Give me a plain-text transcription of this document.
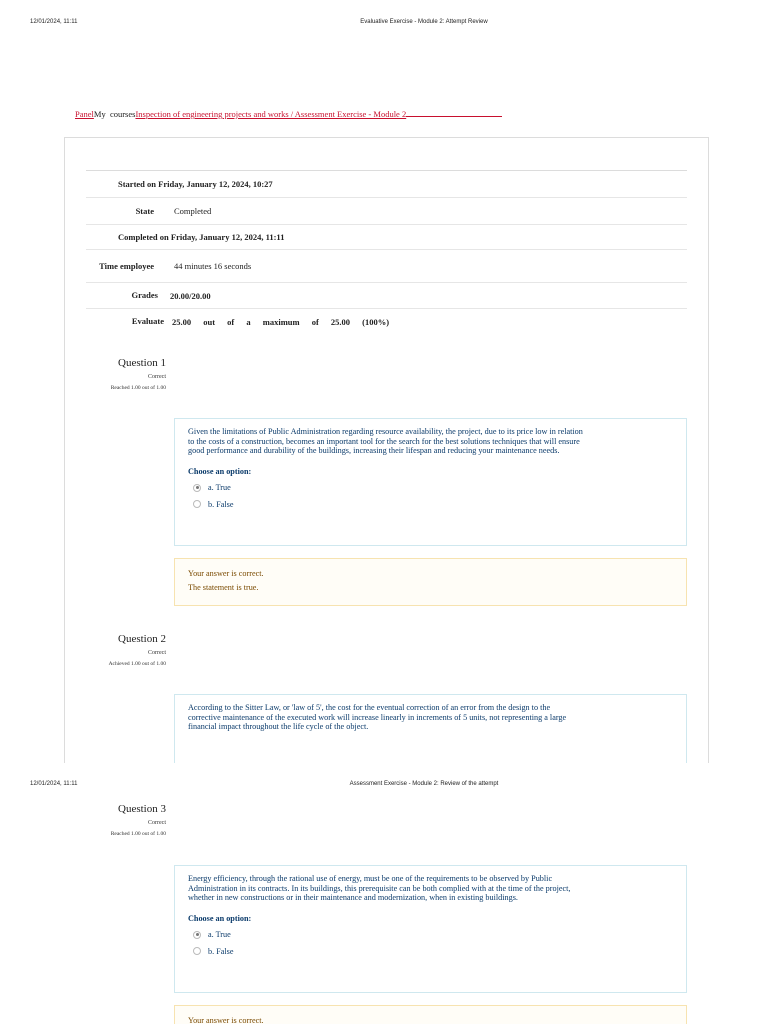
12/01/2024, 11:11	Evaluative Exercise - Module 2: Attempt Review
PanelMy coursesInspection of engineering projects and works / Assessment Exercise - Module 2
Started on Friday, January 12, 2024, 10:27
State	Completed
Completed on Friday, January 12, 2024, 11:11
Time employee	44 minutes 16 seconds
Grades	20.00/20.00
Evaluate 25.00 out of a maximum of 25.00 (100%)
Question 1
Correct
Reached 1.00 out of 1.00
Given the limitations of Public Administration regarding resource availability, the project, due to its price low in relation to the costs of a construction, becomes an important tool for the search for the best solutions techniques that will ensure good performance and durability of the buildings, increasing their lifespan and reducing your maintenance needs.
Choose an option:
a. True
b. False
Your answer is correct.
The statement is true.
Question 2
Correct
Achieved 1.00 out of 1.00
According to the Sitter Law, or 'law of 5', the cost for the eventual correction of an error from the design to the corrective maintenance of the executed work will increase linearly in increments of 5 units, not representing a large financial impact throughout the life cycle of the object.
12/01/2024, 11:11	Assessment Exercise - Module 2: Review of the attempt
Question 3
Correct
Reached 1.00 out of 1.00
Energy efficiency, through the rational use of energy, must be one of the requirements to be observed by Public Administration in its contracts. In its buildings, this prerequisite can be both complied with at the time of the project, whether in new constructions or in their maintenance and modernization, when in existing buildings.
Choose an option:
a. True
b. False
Your answer is correct.
